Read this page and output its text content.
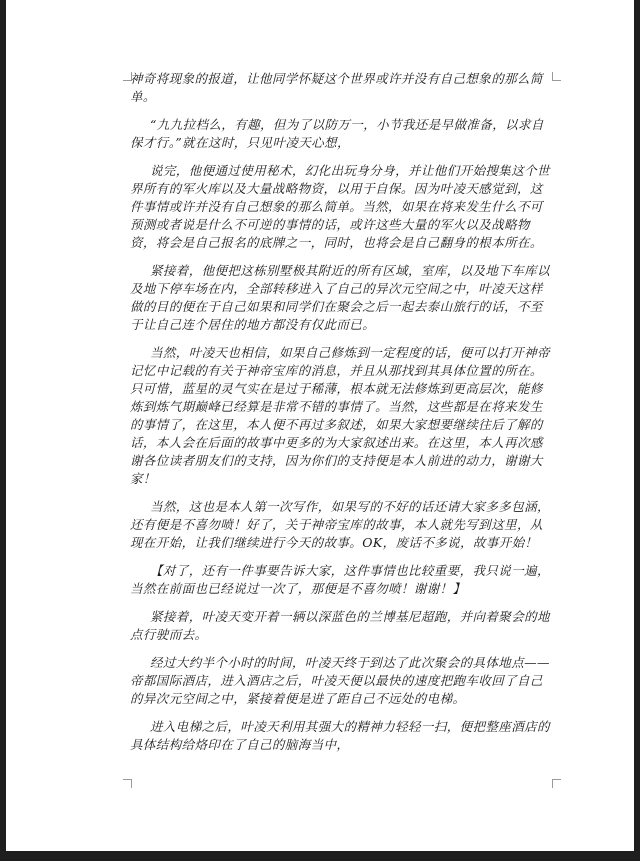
神奇将现象的报道，让他同学怀疑这个世界或许并没有自己想象的那么简单。

“九九拉档么，有趣，但为了以防万一，小节我还是早做准备，以求自保才行。”就在这时，只见叶凌天心想，

说完，他便通过使用秘术，幻化出玩身分身，并让他们开始搜集这个世界所有的军火库以及大量战略物资，以用于自保。因为叶凌天感觉到，这件事情或许并没有自己想象的那么简单。当然，如果在将来发生什么不可预测或者说是什么不可逆的事情的话，或许这些大量的军火以及战略物资，将会是自己报名的底牌之一，同时，也将会是自己翻身的根本所在。

紧接着，他便把这栋别墅极其附近的所有区域，室库，以及地下车库以及地下停车场在内，全部转移进入了自己的异次元空间之中，叶凌天这样做的目的便在于自己如果和同学们在聚会之后一起去泰山旅行的话，不至于让自己连个居住的地方都没有仅此而已。

当然，叶凌天也相信，如果自己修炼到一定程度的话，便可以打开神帝记忆中记载的有关于神帝宝库的消息，并且从那找到其具体位置的所在。只可惜，蓝星的灵气实在是过于稀薄，根本就无法修炼到更高层次，能修炼到炼气期巅峰已经算是非常不错的事情了。当然，这些都是在将来发生的事情了，在这里，本人便不再过多叙述，如果大家想要继续往后了解的话，本人会在后面的故事中更多的为大家叙述出来。在这里，本人再次感谢各位读者朋友们的支持，因为你们的支持便是本人前进的动力，谢谢大家！

当然，这也是本人第一次写作，如果写的不好的话还请大家多多包涵，还有便是不喜勿喷！好了，关于神帝宝库的故事，本人就先写到这里，从现在开始，让我们继续进行今天的故事。OK，废话不多说，故事开始！

【对了，还有一件事要告诉大家，这件事情也比较重要，我只说一遍，当然在前面也已经说过一次了，那便是不喜勿喷！谢谢！】

紧接着，叶凌天变开着一辆以深蓝色的兰博基尼超跑，并向着聚会的地点行驶而去。

经过大约半个小时的时间，叶凌天终于到达了此次聚会的具体地点——帝都国际酒店，进入酒店之后，叶凌天便以最快的速度把跑车收回了自己的异次元空间之中，紧接着便是进了距自己不远处的电梯。

进入电梯之后，叶凌天利用其强大的精神力轻轻一扫，便把整座酒店的具体结构给烙印在了自己的脑海当中，
